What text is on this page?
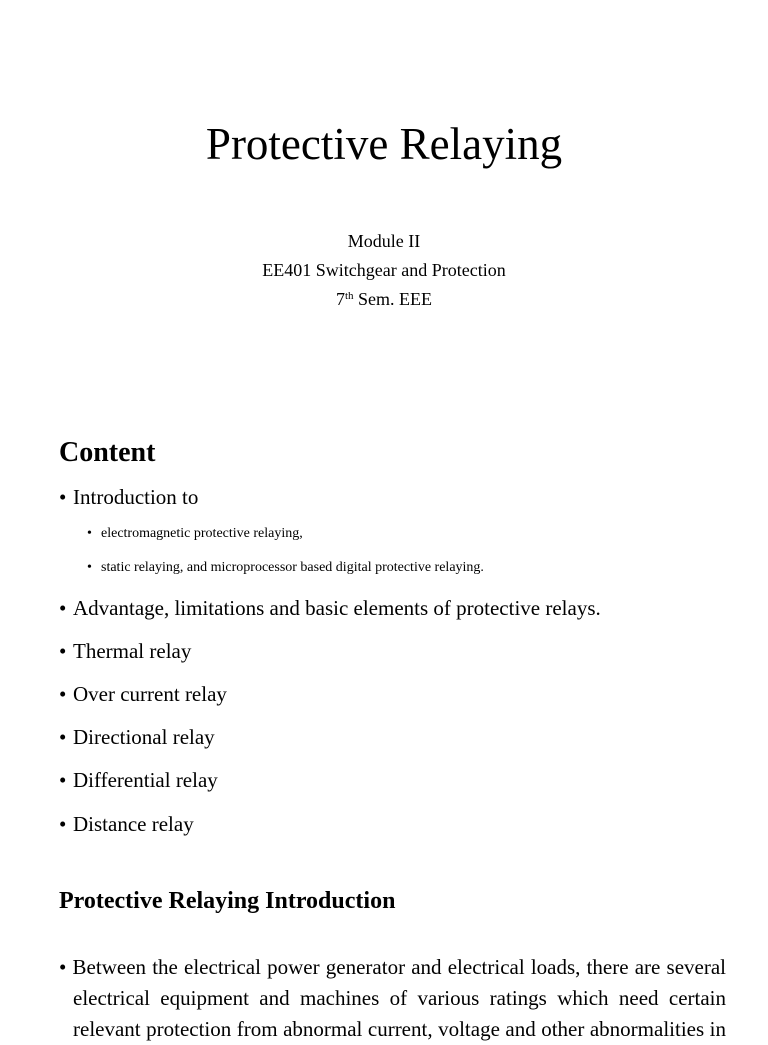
Protective Relaying
Module II
EE401 Switchgear and Protection
7th Sem. EEE
Content
• Introduction to
• electromagnetic protective relaying,
• static relaying, and microprocessor based digital protective relaying.
• Advantage, limitations and basic elements of protective relays.
• Thermal relay
• Over current relay
• Directional relay
• Differential relay
• Distance relay
Protective Relaying Introduction
• Between the electrical power generator and electrical loads, there are several
electrical equipment and machines of various ratings which need certain
relevant protection from abnormal current, voltage and other abnormalities in
